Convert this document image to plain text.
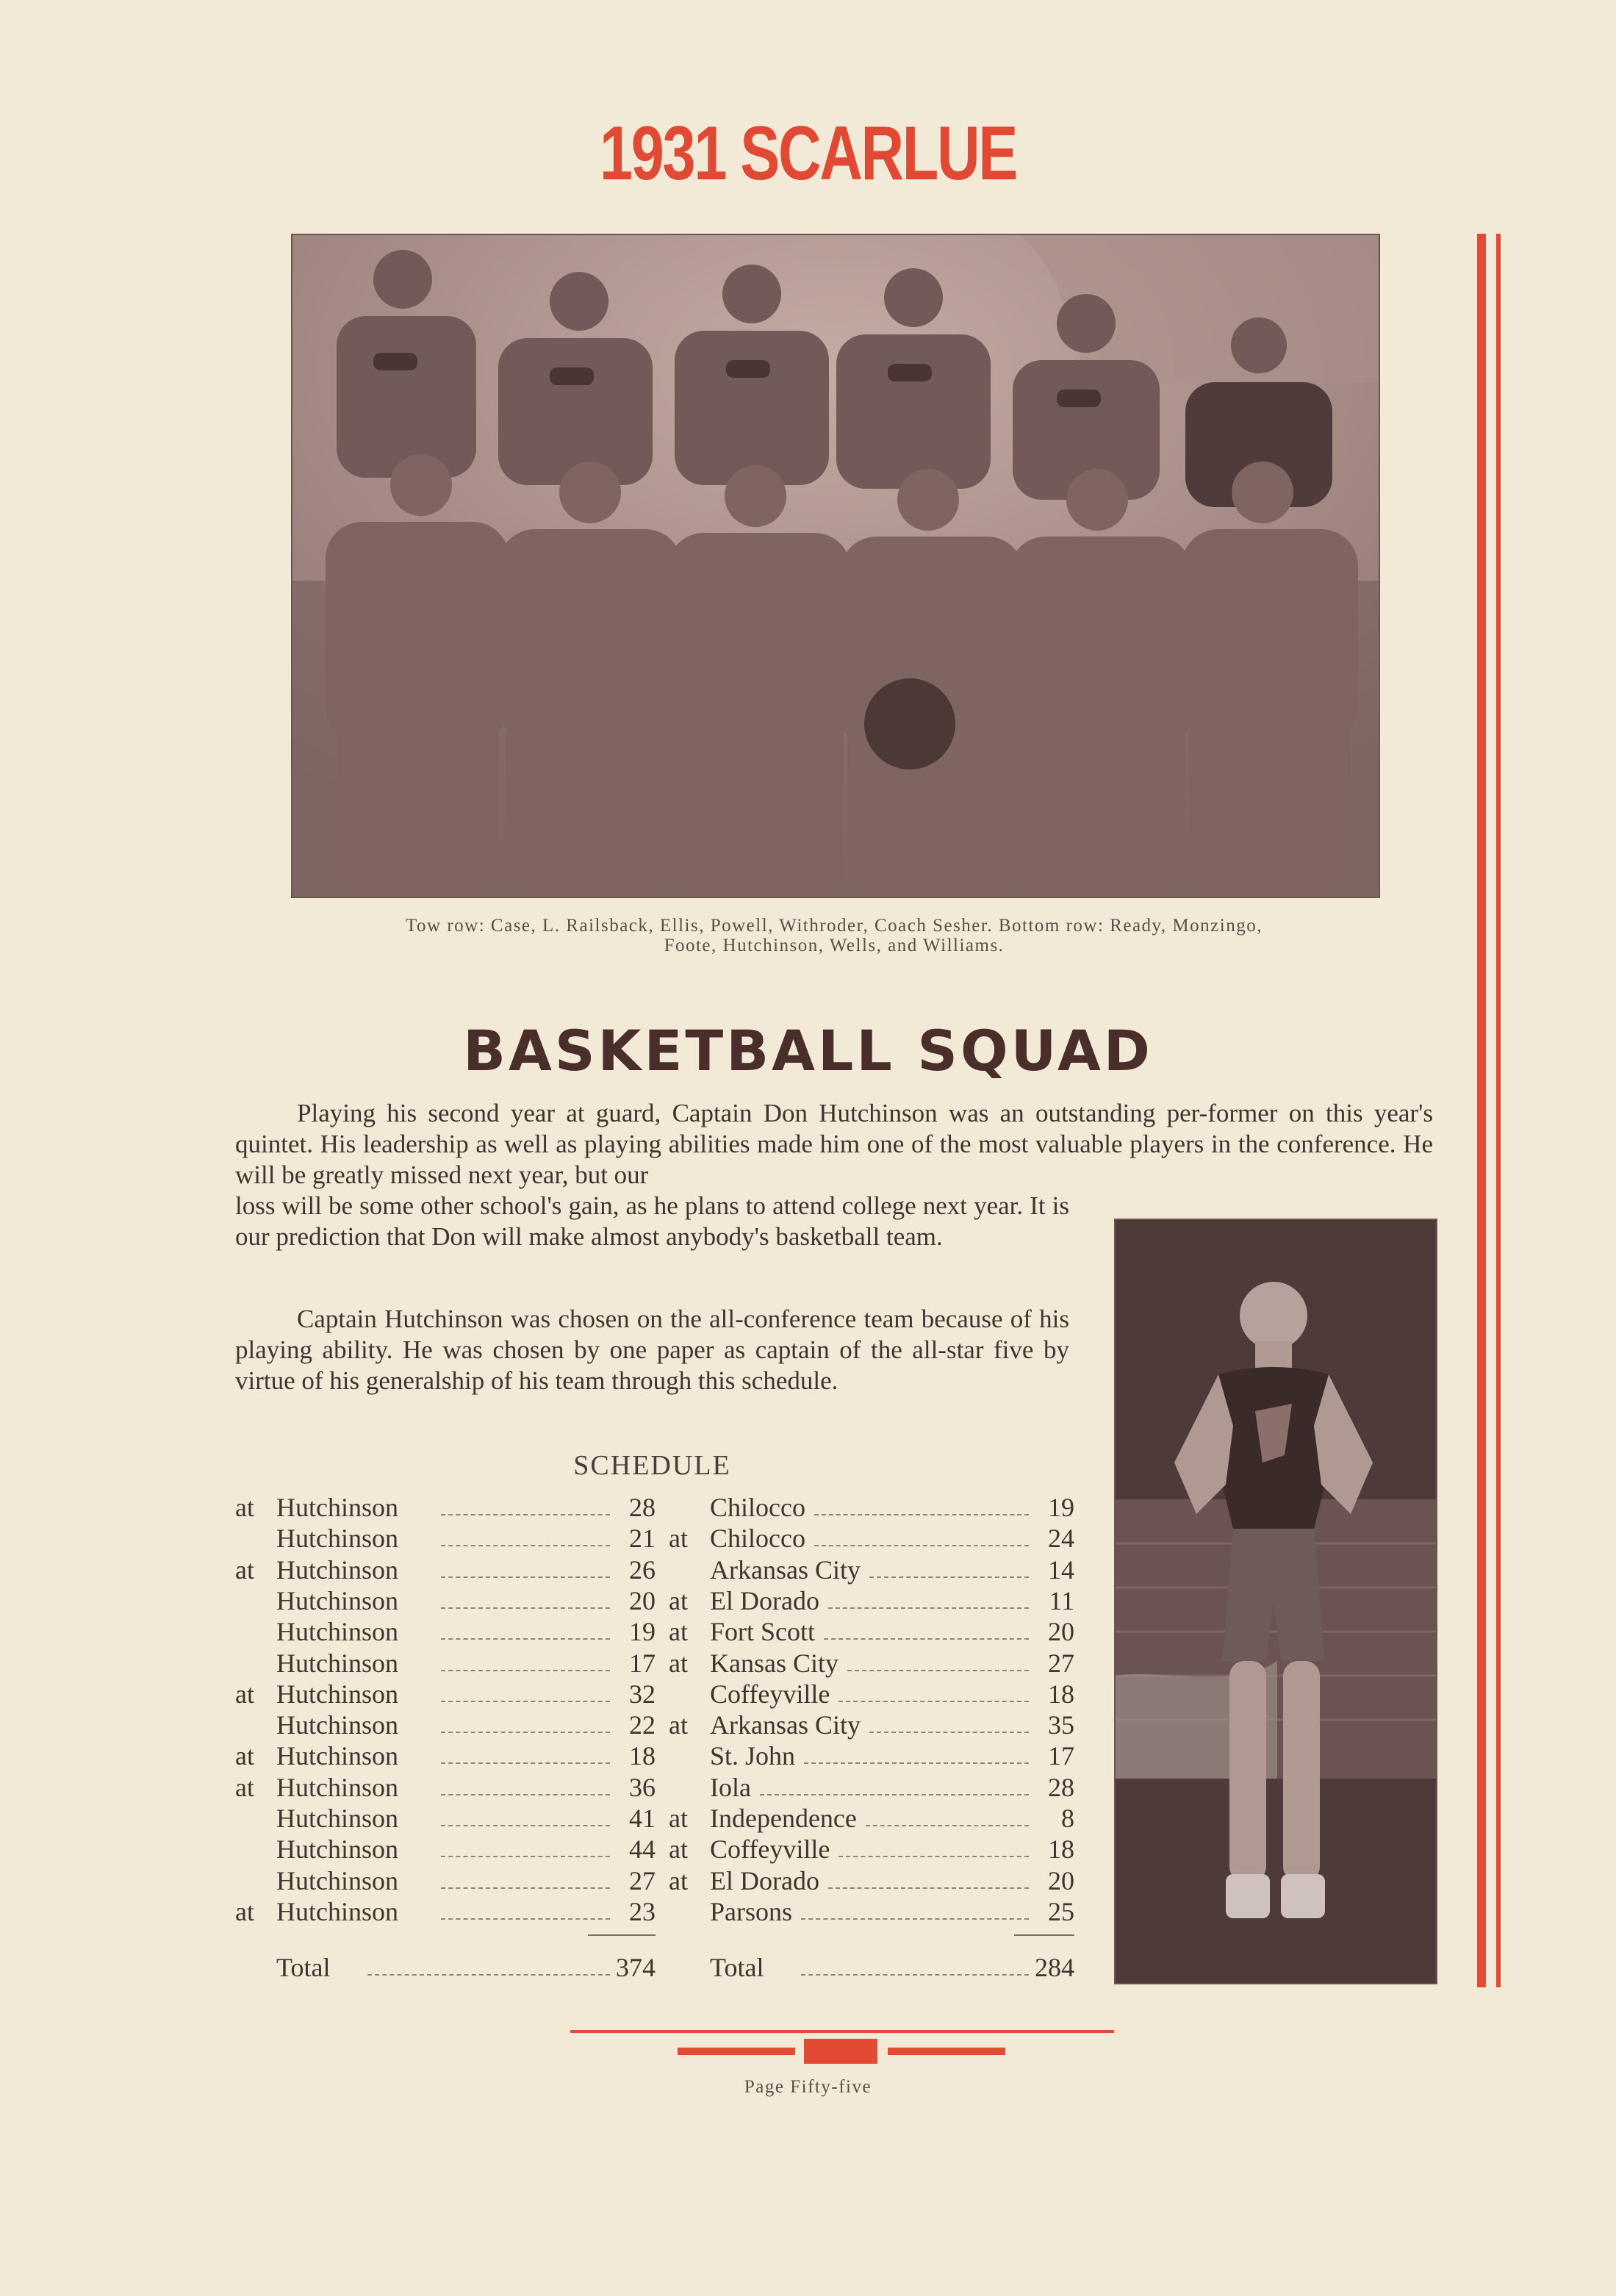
1931 SCARLUE
Tow row: Case, L. Railsback, Ellis, Powell, Withroder, Coach Sesher. Bottom row: Ready, Monzingo,
Foote, Hutchinson, Wells, and Williams.
BASKETBALL SQUAD
Playing his second year at guard, Captain Don Hutchinson was an outstanding per-former on this year's quintet. His leadership as well as playing abilities made him one of the most valuable players in the conference. He will be greatly missed next year, but our
loss will be some other school's gain, as he plans to attend college next year. It is our prediction that Don will make almost anybody's basketball team.
Captain Hutchinson was chosen on the all-conference team because of his playing ability. He was chosen by one paper as captain of the all-star five by virtue of his generalship of his team through this schedule.
SCHEDULE
at Hutchinson	28 Chilocco	19
Hutchinson	21 at Chilocco	24
at Hutchinson	26 Arkansas City	14
Hutchinson	20 at El Dorado	11
Hutchinson	19 at Fort Scott	20
Hutchinson	17 at Kansas City	27
at Hutchinson	32 Coffeyville	18
Hutchinson	22 at Arkansas City	35
at Hutchinson	18 St. John	17
at Hutchinson	36 Iola	28
Hutchinson	41 at Independence	8
Hutchinson	44 at Coffeyville	18
Hutchinson	27 at El Dorado	20
at Hutchinson	23 Parsons	25
Total	374 Total	284
Page Fifty-five
